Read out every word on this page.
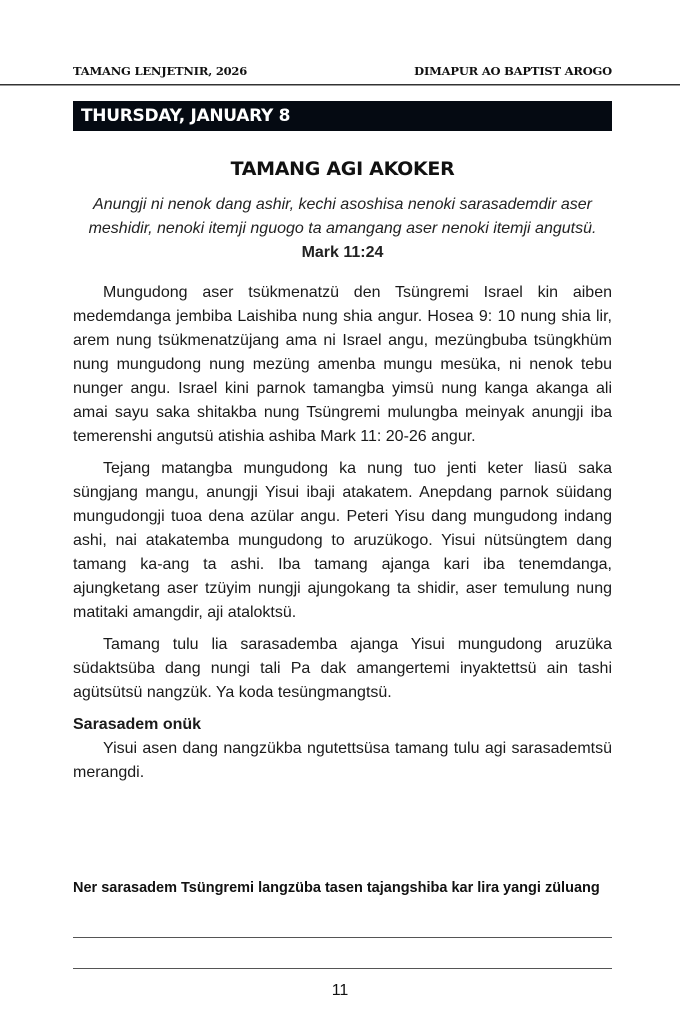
TAMANG LENJETNIR, 2026	DIMAPUR AO BAPTIST AROGO
THURSDAY, JANUARY 8
TAMANG AGI AKOKER
Anungji ni nenok dang ashir, kechi asoshisa nenoki sarasademdir aser meshidir, nenoki itemji nguogo ta amangang aser nenoki itemji angutsü. Mark 11:24

Mungudong aser tsükmenatzü den Tsüngremi Israel kin aiben medemdanga jembiba Laishiba nung shia angur. Hosea 9: 10 nung shia lir, arem nung tsükmenatzüjang ama ni Israel angu, mezüngbuba tsüngkhüm nung mungudong nung mezüng amenba mungu mesüka, ni nenok tebu nunger angu. Israel kini parnok tamangba yimsü nung kanga akanga ali amai sayu saka shitakba nung Tsüngremi mulungba meinyak anungji iba temerenshi angutsü atishia ashiba Mark 11: 20-26 angur.

Tejang matangba mungudong ka nung tuo jenti keter liasü saka süngjang mangu, anungji Yisui ibaji atakatem. Anepdang parnok süidang mungudongji tuoa dena azülar angu. Peteri Yisu dang mungudong indang ashi, nai atakatemba mungudong to aruzükogo. Yisui nütsüngtem dang tamang ka-ang ta ashi. Iba tamang ajanga kari iba tenemdanga, ajungketang aser tzüyim nungji ajungokang ta shidir, aser temulung nung matitaki amangdir, aji ataloktsü.

Tamang tulu lia sarasademba ajanga Yisui mungudong aruzüka südaktsüba dang nungi tali Pa dak amangertemi inyaktettsü ain tashi agütsütsü nangzük. Ya koda tesüngmangtsü.

Sarasadem onük

Yisui asen dang nangzükba ngutettsüsa tamang tulu agi sarasademtsü merangdi.

Ner sarasadem Tsüngremi langzüba tasen tajangshiba kar lira yangi züluang
11
